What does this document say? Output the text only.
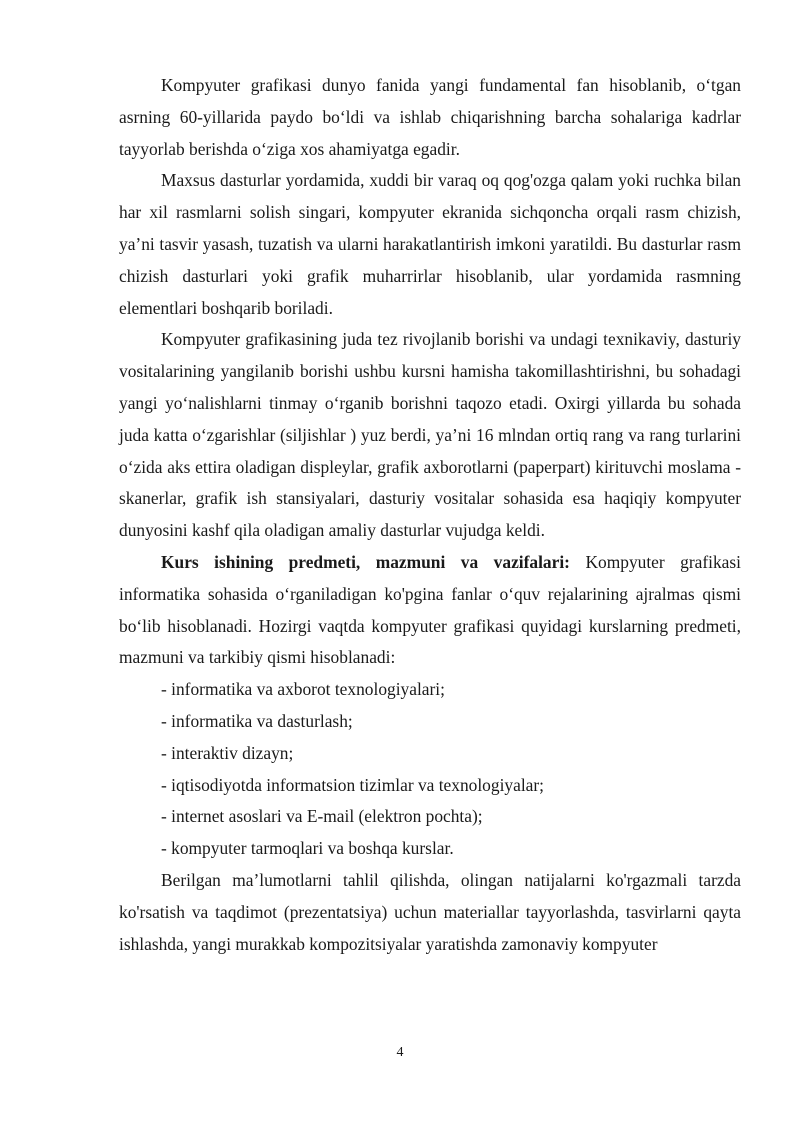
Kompyuter grafikasi dunyo fanida yangi fundamental fan hisoblanib, o‘tgan asrning 60-yillarida paydo bo‘ldi va ishlab chiqarishning barcha sohalariga kadrlar tayyorlab berishda o‘ziga xos ahamiyatga egadir.

Maxsus dasturlar yordamida, xuddi bir varaq oq qog'ozga qalam yoki ruchka bilan har xil rasmlarni solish singari, kompyuter ekranida sichqoncha orqali rasm chizish, ya’ni tasvir yasash, tuzatish va ularni harakatlantirish imkoni yaratildi. Bu dasturlar rasm chizish dasturlari yoki grafik muharrirlar hisoblanib, ular yordamida rasmning elementlari boshqarib boriladi.

Kompyuter grafikasining juda tez rivojlanib borishi va undagi texnikaviy, dasturiy vositalarining yangilanib borishi ushbu kursni hamisha takomillashtirishni, bu sohadagi yangi yo‘nalishlarni tinmay o‘rganib borishni taqozo etadi. Oxirgi yillarda bu sohada juda katta o‘zgarishlar (siljishlar ) yuz berdi, ya’ni 16 mlndan ortiq rang va rang turlarini o‘zida aks ettira oladigan displeylar, grafik axborotlarni (paperpart) kirituvchi moslama - skanerlar, grafik ish stansiyalari, dasturiy vositalar sohasida esa haqiqiy kompyuter dunyosini kashf qila oladigan amaliy dasturlar vujudga keldi.

Kurs ishining predmeti, mazmuni va vazifalari: Kompyuter grafikasi informatika sohasida o‘rganiladigan ko'pgina fanlar o‘quv rejalarining ajralmas qismi bo‘lib hisoblanadi. Hozirgi vaqtda kompyuter grafikasi quyidagi kurslarning predmeti, mazmuni va tarkibiy qismi hisoblanadi:

- informatika va axborot texnologiyalari;

- informatika va dasturlash;

- interaktiv dizayn;

- iqtisodiyotda informatsion tizimlar va texnologiyalar;

- internet asoslari va E-mail (elektron pochta);

- kompyuter tarmoqlari va boshqa kurslar.

Berilgan ma’lumotlarni tahlil qilishda, olingan natijalarni ko'rgazmali tarzda ko'rsatish va taqdimot (prezentatsiya) uchun materiallar tayyorlashda, tasvirlarni qayta ishlashda, yangi murakkab kompozitsiyalar yaratishda zamonaviy kompyuter

4
